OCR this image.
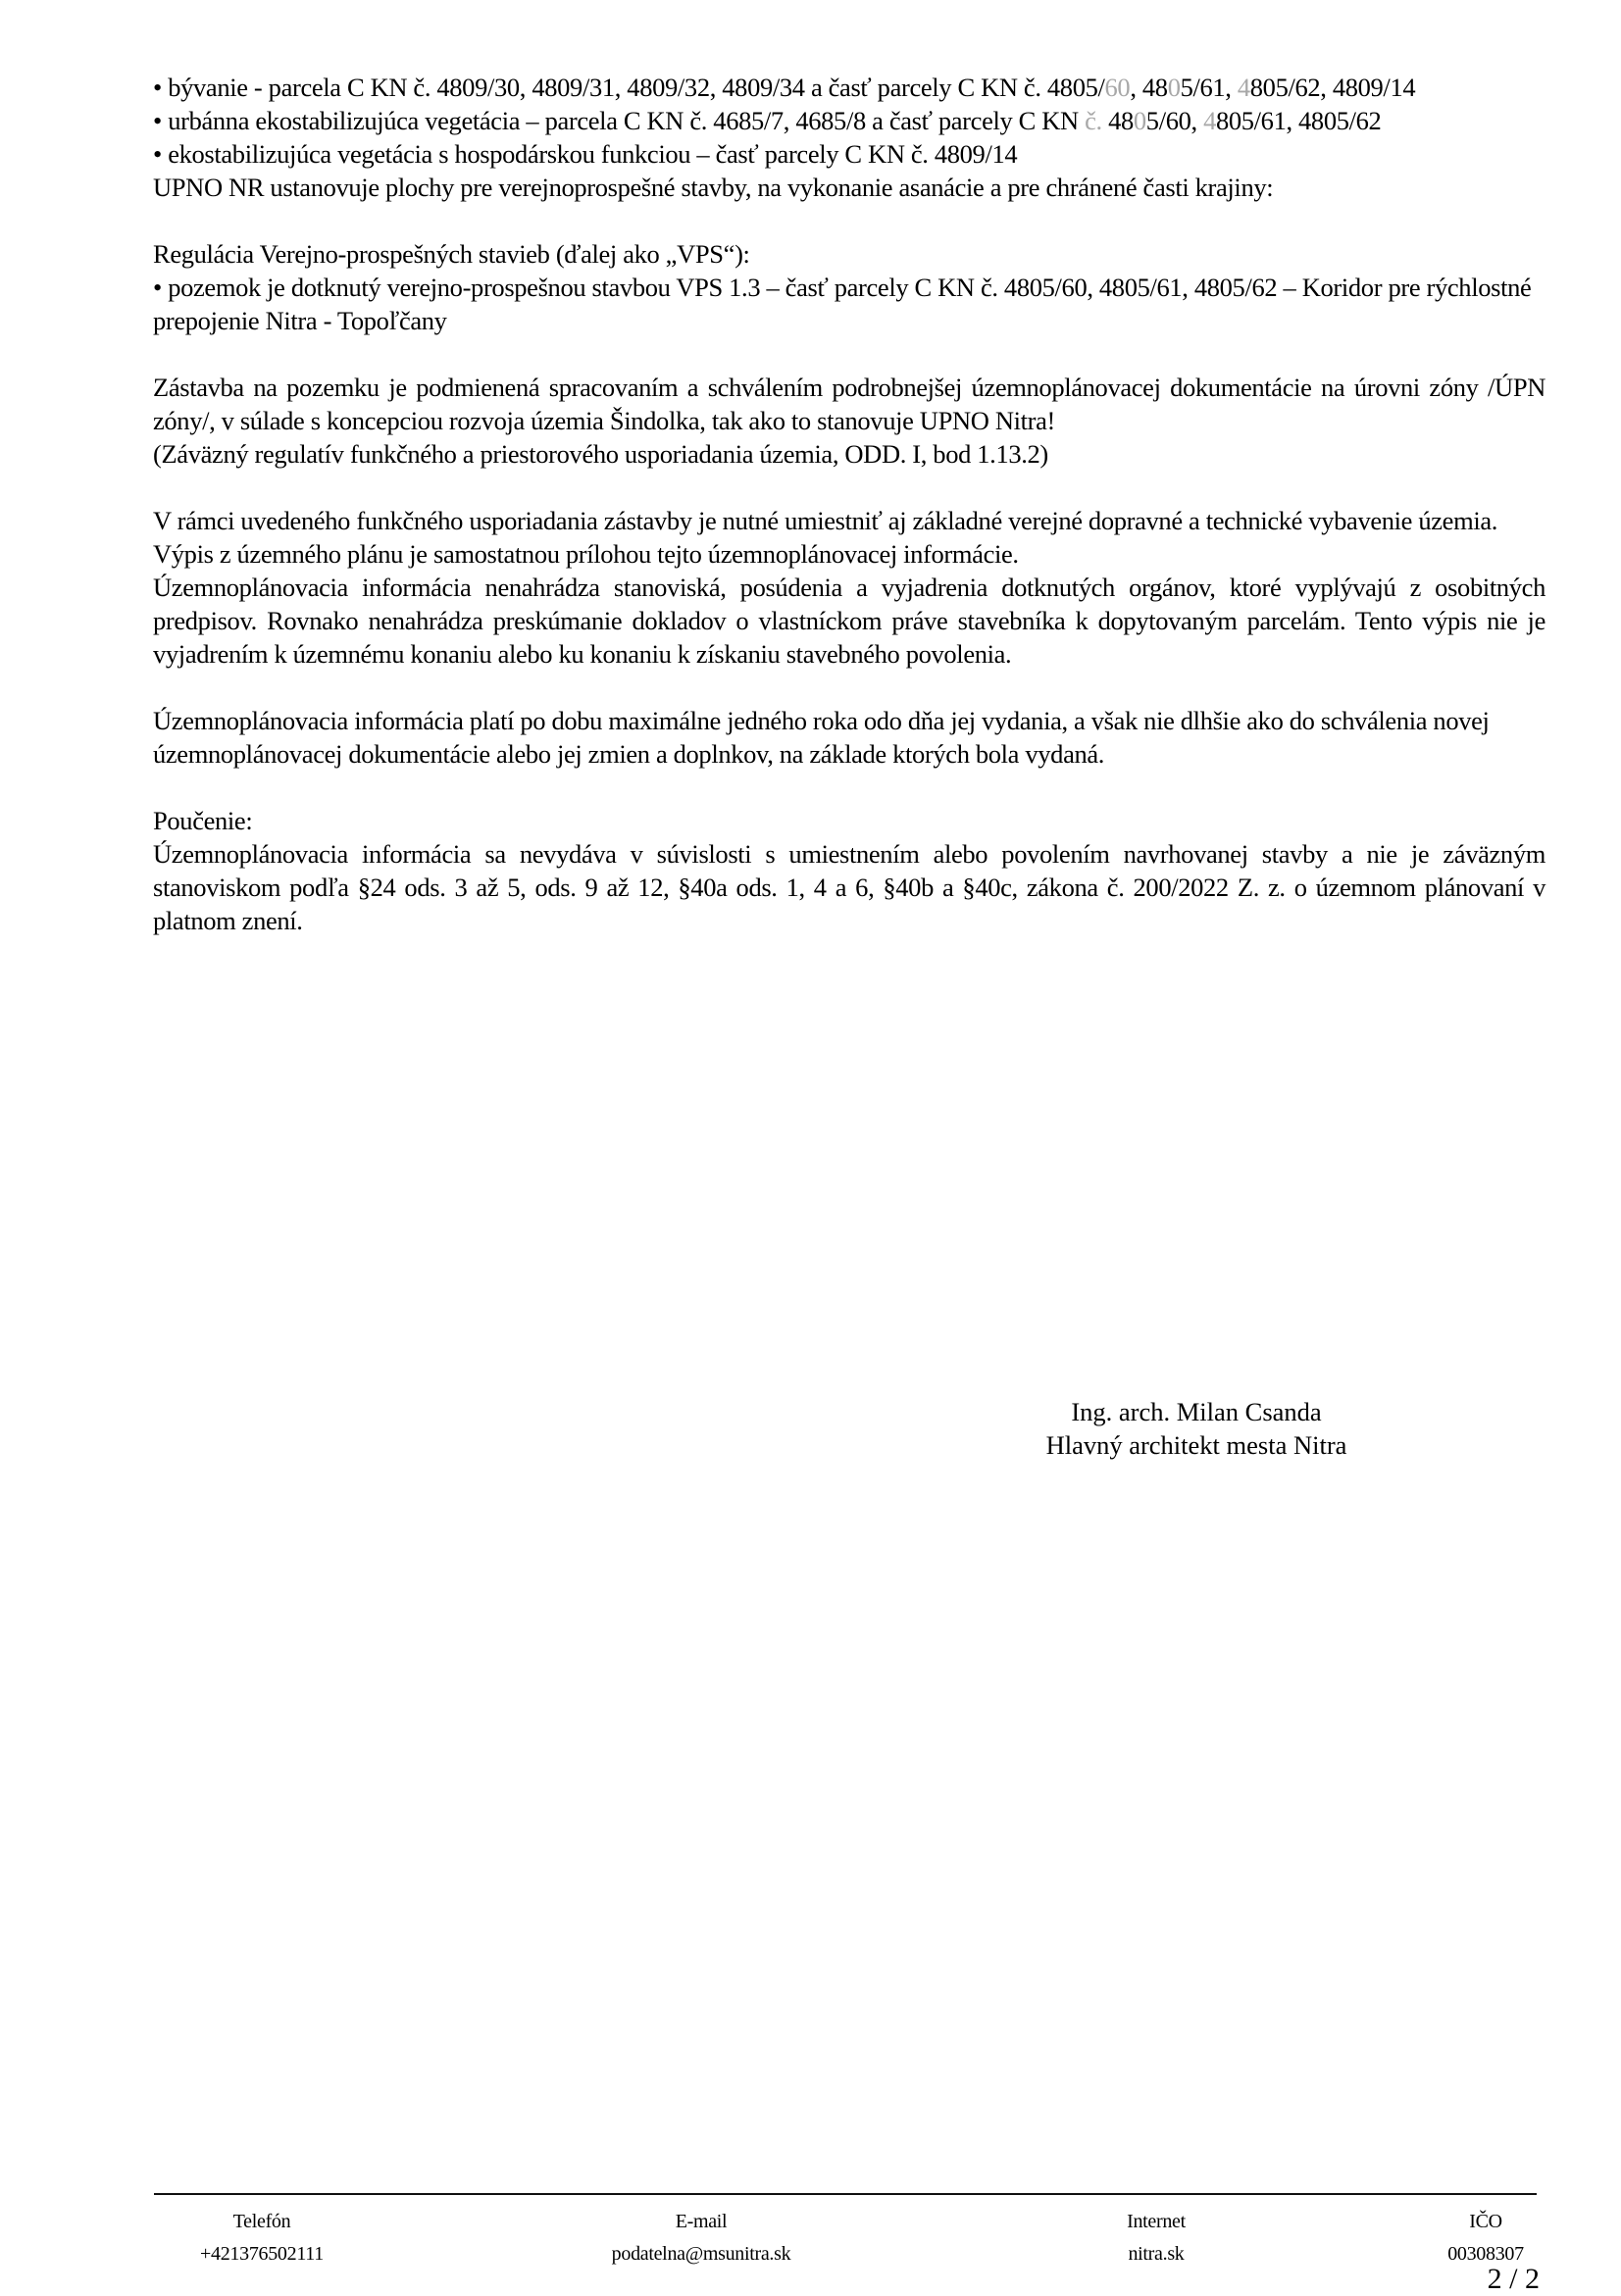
• bývanie - parcela C KN č. 4809/30, 4809/31, 4809/32, 4809/34 a časť parcely C KN č. 4805/60, 4805/61, 4805/62, 4809/14

• urbánna ekostabilizujúca vegetácia – parcela C KN č. 4685/7, 4685/8 a časť parcely C KN č. 4805/60, 4805/61, 4805/62

• ekostabilizujúca vegetácia s hospodárskou funkciou – časť parcely C KN č. 4809/14

UPNO NR ustanovuje plochy pre verejnoprospešné stavby, na vykonanie asanácie a pre chránené časti krajiny:

Regulácia Verejno-prospešných stavieb (ďalej ako „VPS“):

• pozemok je dotknutý verejno-prospešnou stavbou VPS 1.3 – časť parcely C KN č. 4805/60, 4805/61, 4805/62 – Koridor pre rýchlostné prepojenie Nitra - Topoľčany

Zástavba na pozemku je podmienená spracovaním a schválením podrobnejšej územnoplánovacej dokumentácie na úrovni zóny /ÚPN zóny/, v súlade s koncepciou rozvoja územia Šindolka, tak ako to stanovuje UPNO Nitra!

(Záväzný regulatív funkčného a priestorového usporiadania územia, ODD. I, bod 1.13.2)

V rámci uvedeného funkčného usporiadania zástavby je nutné umiestniť aj základné verejné dopravné a technické vybavenie územia.

Výpis z územného plánu je samostatnou prílohou tejto územnoplánovacej informácie.

Územnoplánovacia informácia nenahrádza stanoviská, posúdenia a vyjadrenia dotknutých orgánov, ktoré vyplývajú z osobitných predpisov. Rovnako nenahrádza preskúmanie dokladov o vlastníckom práve stavebníka k dopytovaným parcelám. Tento výpis nie je vyjadrením k územnému konaniu alebo ku konaniu k získaniu stavebného povolenia.

Územnoplánovacia informácia platí po dobu maximálne jedného roka odo dňa jej vydania, a však nie dlhšie ako do schválenia novej územnoplánovacej dokumentácie alebo jej zmien a doplnkov, na základe ktorých bola vydaná.

Poučenie:

Územnoplánovacia informácia sa nevydáva v súvislosti s umiestnením alebo povolením navrhovanej stavby a nie je záväzným stanoviskom podľa §24 ods. 3 až 5, ods. 9 až 12, §40a ods. 1, 4 a 6, §40b a §40c, zákona č. 200/2022 Z. z. o územnom plánovaní v platnom znení.

Ing. arch. Milan Csanda
Hlavný architekt mesta Nitra
Telefón
+421376502111
E-mail
podatelna@msunitra.sk
Internet
nitra.sk
IČO
00308307
2 / 2
